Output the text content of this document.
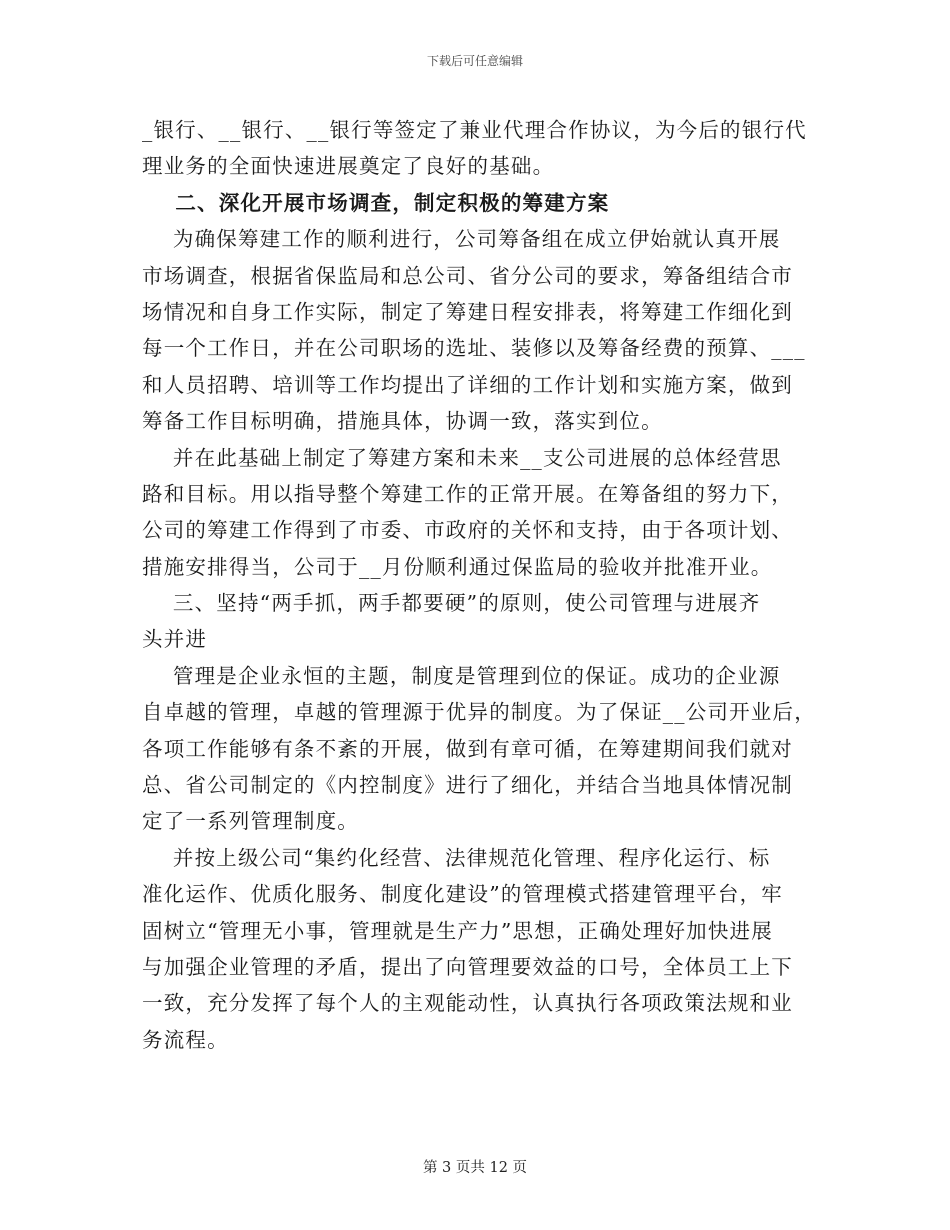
下载后可任意编辑
_银行、__银行、__银行等签定了兼业代理合作协议，为今后的银行代
理业务的全面快速进展奠定了良好的基础。
二、深化开展市场调查，制定积极的筹建方案
为确保筹建工作的顺利进行，公司筹备组在成立伊始就认真开展
市场调查，根据省保监局和总公司、省分公司的要求，筹备组结合市
场情况和自身工作实际，制定了筹建日程安排表，将筹建工作细化到
每一个工作日，并在公司职场的选址、装修以及筹备经费的预算、___
和人员招聘、培训等工作均提出了详细的工作计划和实施方案，做到
筹备工作目标明确，措施具体，协调一致，落实到位。
并在此基础上制定了筹建方案和未来__支公司进展的总体经营思
路和目标。用以指导整个筹建工作的正常开展。在筹备组的努力下，
公司的筹建工作得到了市委、市政府的关怀和支持，由于各项计划、
措施安排得当，公司于__月份顺利通过保监局的验收并批准开业。
三、坚持“两手抓，两手都要硬”的原则，使公司管理与进展齐
头并进
管理是企业永恒的主题，制度是管理到位的保证。成功的企业源
自卓越的管理，卓越的管理源于优异的制度。为了保证__公司开业后，
各项工作能够有条不紊的开展，做到有章可循，在筹建期间我们就对
总、省公司制定的《内控制度》进行了细化，并结合当地具体情况制
定了一系列管理制度。
并按上级公司“集约化经营、法律规范化管理、程序化运行、标
准化运作、优质化服务、制度化建设”的管理模式搭建管理平台，牢
固树立“管理无小事，管理就是生产力”思想，正确处理好加快进展
与加强企业管理的矛盾，提出了向管理要效益的口号，全体员工上下
一致，充分发挥了每个人的主观能动性，认真执行各项政策法规和业
务流程。
第 3 页共 12 页
